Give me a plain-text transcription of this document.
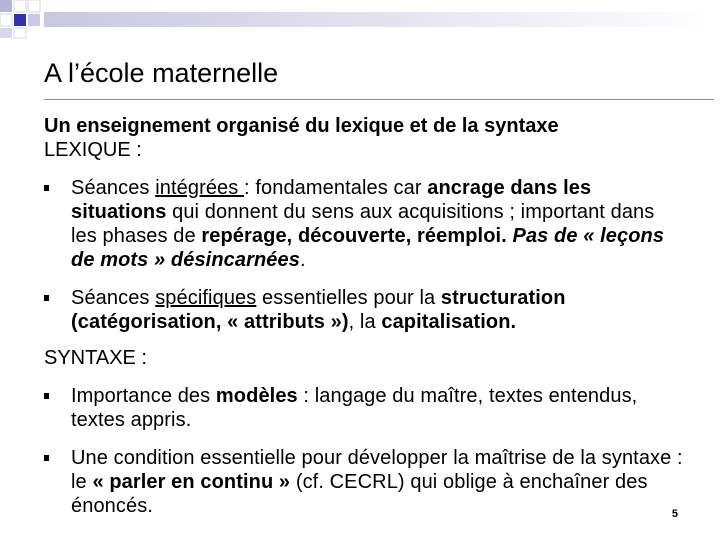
A l’école maternelle

Un enseignement organisé du lexique et de la syntaxe

LEXIQUE :

Séances intégrées : fondamentales car ancrage dans les situations qui donnent du sens aux acquisitions ; important dans les phases de repérage, découverte, réemploi. Pas de « leçons de mots » désincarnées.
Séances spécifiques essentielles pour la structuration (catégorisation, « attributs »), la capitalisation.

SYNTAXE :

Importance des modèles : langage du maître, textes entendus, textes appris.
Une condition essentielle pour développer la maîtrise de la syntaxe : le « parler en continu » (cf. CECRL) qui oblige à enchaîner des énoncés.	5
